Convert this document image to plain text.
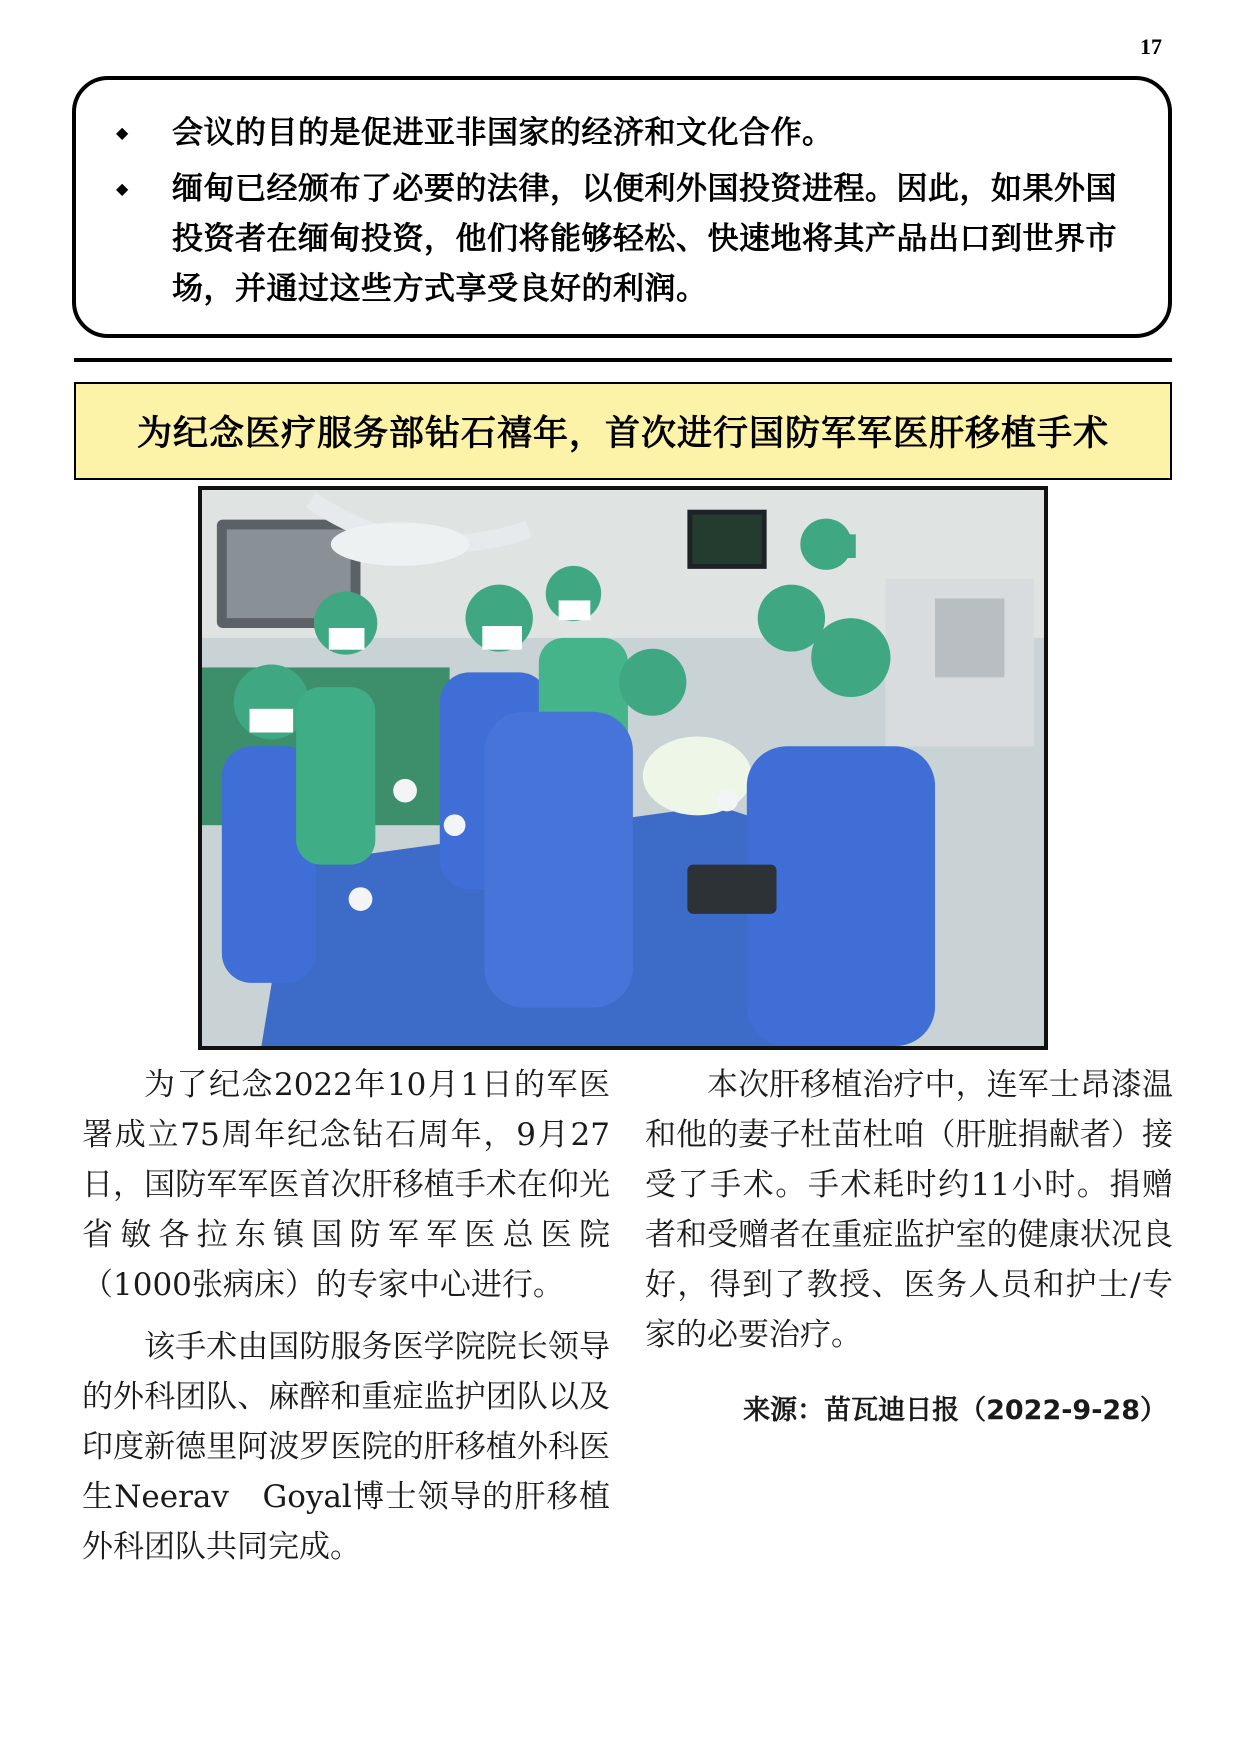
17
◆ 会议的目的是促进亚非国家的经济和文化合作。
◆ 缅甸已经颁布了必要的法律，以便利外国投资进程。因此，如果外国投资者在缅甸投资，他们将能够轻松、快速地将其产品出口到世界市场，并通过这些方式享受良好的利润。
为纪念医疗服务部钻石禧年，首次进行国防军军医肝移植手术

为了纪念2022年10月1日的军医署成立75周年纪念钻石周年，9月27日，国防军军医首次肝移植手术在仰光省敏各拉东镇国防军军医总医院（1000张病床）的专家中心进行。

该手术由国防服务医学院院长领导的外科团队、麻醉和重症监护团队以及印度新德里阿波罗医院的肝移植外科医生Neerav　Goyal博士领导的肝移植外科团队共同完成。

本次肝移植治疗中，连军士昂漆温和他的妻子杜苗杜咱（肝脏捐献者）接受了手术。手术耗时约11小时。捐赠者和受赠者在重症监护室的健康状况良好，得到了教授、医务人员和护士/专家的必要治疗。

来源：苗瓦迪日报（2022-9-28）
